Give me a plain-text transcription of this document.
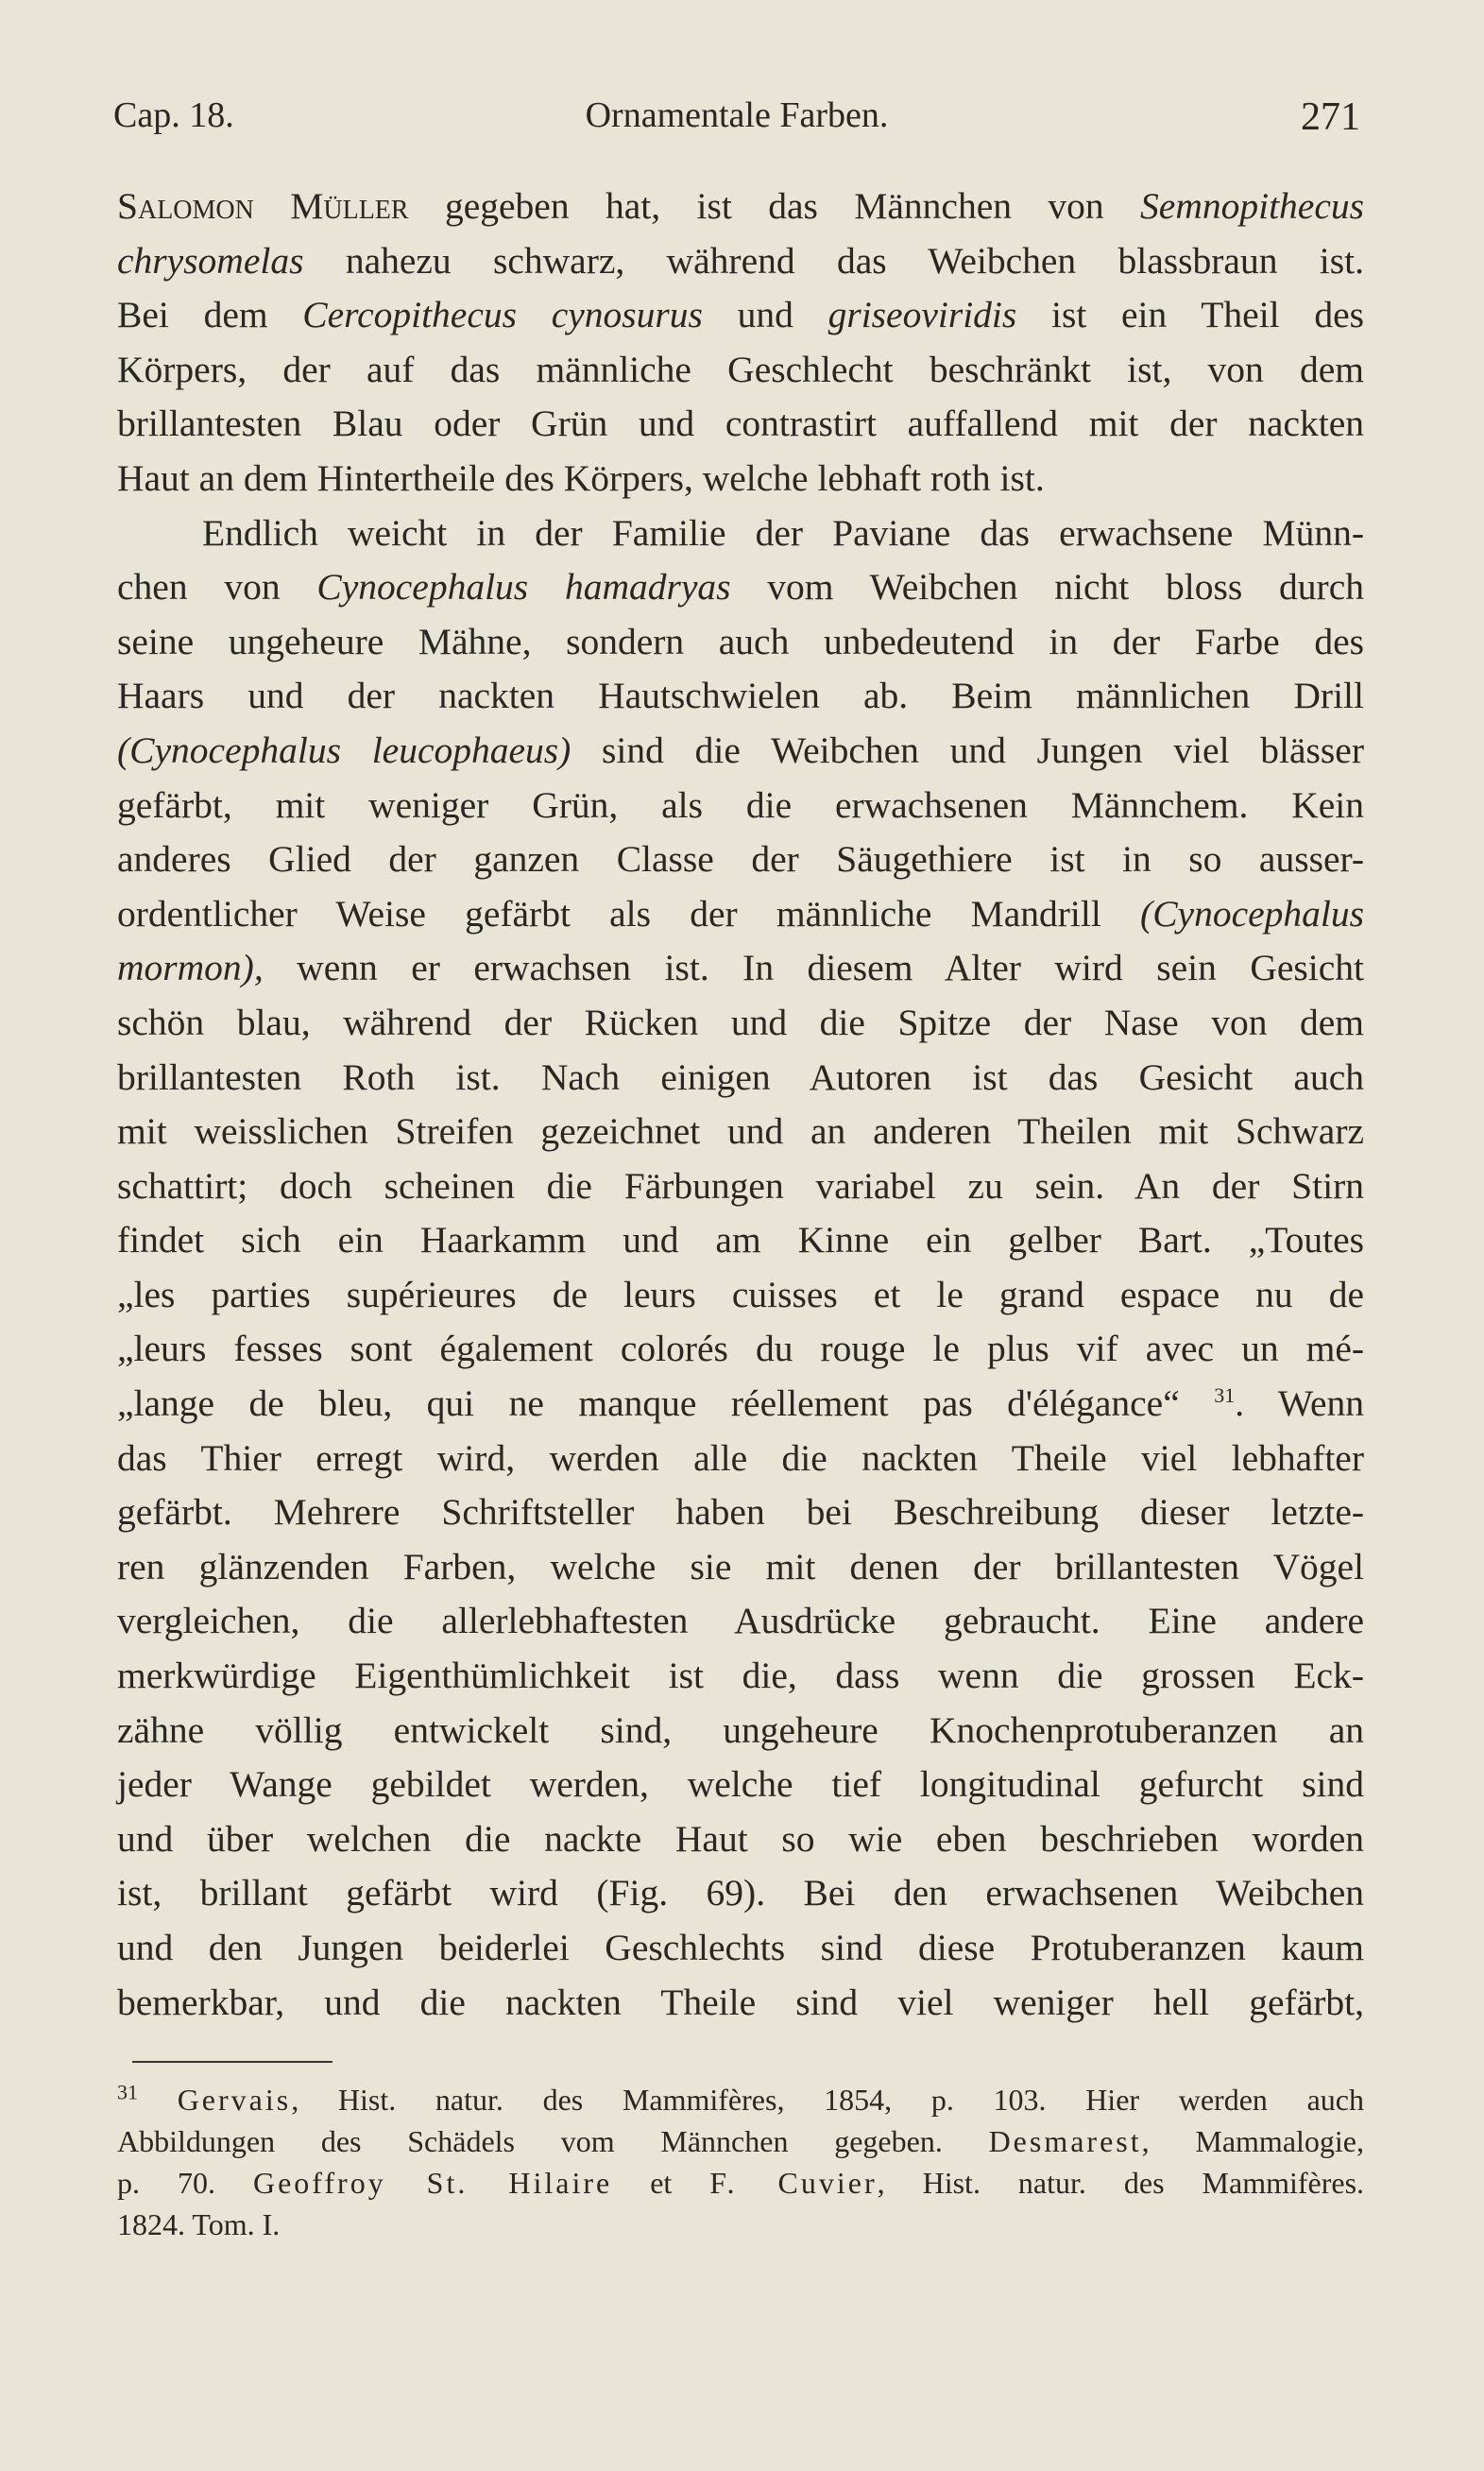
Cap. 18.	Ornamentale Farben.	271
Salomon Müller gegeben hat, ist das Männchen von Semnopithecus
chrysomelas nahezu schwarz, während das Weibchen blassbraun ist.
Bei dem Cercopithecus cynosurus und griseoviridis ist ein Theil des
Körpers, der auf das männliche Geschlecht beschränkt ist, von dem
brillantesten Blau oder Grün und contrastirt auffallend mit der nackten
Haut an dem Hintertheile des Körpers, welche lebhaft roth ist.
Endlich weicht in der Familie der Paviane das erwachsene Münn-
chen von Cynocephalus hamadryas vom Weibchen nicht bloss durch
seine ungeheure Mähne, sondern auch unbedeutend in der Farbe des
Haars und der nackten Hautschwielen ab. Beim männlichen Drill
(Cynocephalus leucophaeus) sind die Weibchen und Jungen viel blässer
gefärbt, mit weniger Grün, als die erwachsenen Männchem. Kein
anderes Glied der ganzen Classe der Säugethiere ist in so ausser-
ordentlicher Weise gefärbt als der männliche Mandrill (Cynocephalus
mormon), wenn er erwachsen ist. In diesem Alter wird sein Gesicht
schön blau, während der Rücken und die Spitze der Nase von dem
brillantesten Roth ist. Nach einigen Autoren ist das Gesicht auch
mit weisslichen Streifen gezeichnet und an anderen Theilen mit Schwarz
schattirt; doch scheinen die Färbungen variabel zu sein. An der Stirn
findet sich ein Haarkamm und am Kinne ein gelber Bart. „Toutes
„les parties supérieures de leurs cuisses et le grand espace nu de
„leurs fesses sont également colorés du rouge le plus vif avec un mé-
„lange de bleu, qui ne manque réellement pas d'élégance“ $^{31}$. Wenn
das Thier erregt wird, werden alle die nackten Theile viel lebhafter
gefärbt. Mehrere Schriftsteller haben bei Beschreibung dieser letzte-
ren glänzenden Farben, welche sie mit denen der brillantesten Vögel
vergleichen, die allerlebhaftesten Ausdrücke gebraucht. Eine andere
merkwürdige Eigenthümlichkeit ist die, dass wenn die grossen Eck-
zähne völlig entwickelt sind, ungeheure Knochenprotuberanzen an
jeder Wange gebildet werden, welche tief longitudinal gefurcht sind
und über welchen die nackte Haut so wie eben beschrieben worden
ist, brillant gefärbt wird (Fig. 69). Bei den erwachsenen Weibchen
und den Jungen beiderlei Geschlechts sind diese Protuberanzen kaum
bemerkbar, und die nackten Theile sind viel weniger hell gefärbt,
$^{31}$ Gervais, Hist. natur. des Mammifères, 1854, p. 103. Hier werden auch
Abbildungen des Schädels vom Männchen gegeben. Desmarest, Mammalogie,
p. 70. Geoffroy St. Hilaire et F. Cuvier, Hist. natur. des Mammifères.
1824. Tom. I.
